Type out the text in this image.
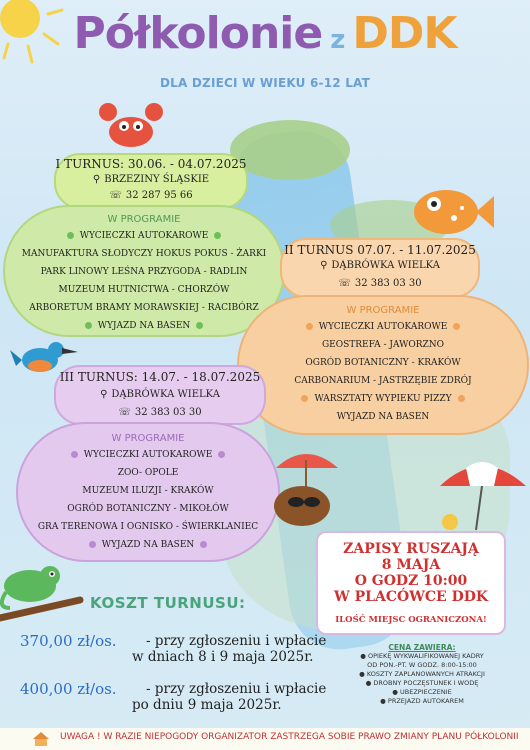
Półkolonie z DDK
DLA DZIECI W WIEKU 6-12 LAT
I TURNUS: 30.06. - 04.07.2025
⚲ BRZEZINY ŚLĄSKIE
☏ 32 287 95 66
W PROGRAMIE
WYCIECZKI AUTOKAROWE
MANUFAKTURA SŁODYCZY HOKUS POKUS - ŻARKI
PARK LINOWY LEŚNA PRZYGODA - RADLIN
MUZEUM HUTNICTWA - CHORZÓW
ARBORETUM BRAMY MORAWSKIEJ - RACIBÓRZ
WYJAZD NA BASEN
II TURNUS 07.07. - 11.07.2025
⚲ DĄBRÓWKA WIELKA
☏ 32 383 03 30
W PROGRAMIE
WYCIECZKI AUTOKAROWE
GEOSTREFA - JAWORZNO
OGRÓD BOTANICZNY - KRAKÓW
CARBONARIUM - JASTRZĘBIE ZDRÓJ
WARSZTATY WYPIEKU PIZZY
WYJAZD NA BASEN
III TURNUS: 14.07. - 18.07.2025
⚲ DĄBRÓWKA WIELKA
☏ 32 383 03 30
W PROGRAMIE
WYCIECZKI AUTOKAROWE
ZOO- OPOLE
MUZEUM ILUZJI - KRAKÓW
OGRÓD BOTANICZNY - MIKOŁÓW
GRA TERENOWA I OGNISKO - ŚWIERKLANIEC
WYJAZD NA BASEN	ZAPISY RUSZAJĄ
8 MAJA
O GODZ 10:00
W PLACÓWCE DDK
ILOŚĆ MIEJSC OGRANICZONA!
KOSZT TURNUSU:
370,00 zł/os. - przy zgłoszeniu i wpłacie
w dniach 8 i 9 maja 2025r.
400,00 zł/os. - przy zgłoszeniu i wpłacie
po dniu 9 maja 2025r.
CENA ZAWIERA:
● OPIEKĘ WYKWALIFIKOWANEJ KADRY
OD PON.-PT. W GODZ. 8:00-15:00
● KOSZTY ZAPLANOWANYCH ATRAKCJI
● DROBNY POCZĘSTUNEK I WODĘ
● UBEZPIECZENIE
● PRZEJAZD AUTOKAREM
UWAGA ! W RAZIE NIEPOGODY ORGANIZATOR ZASTRZEGA SOBIE PRAWO ZMIANY PLANU PÓŁKOLONII
